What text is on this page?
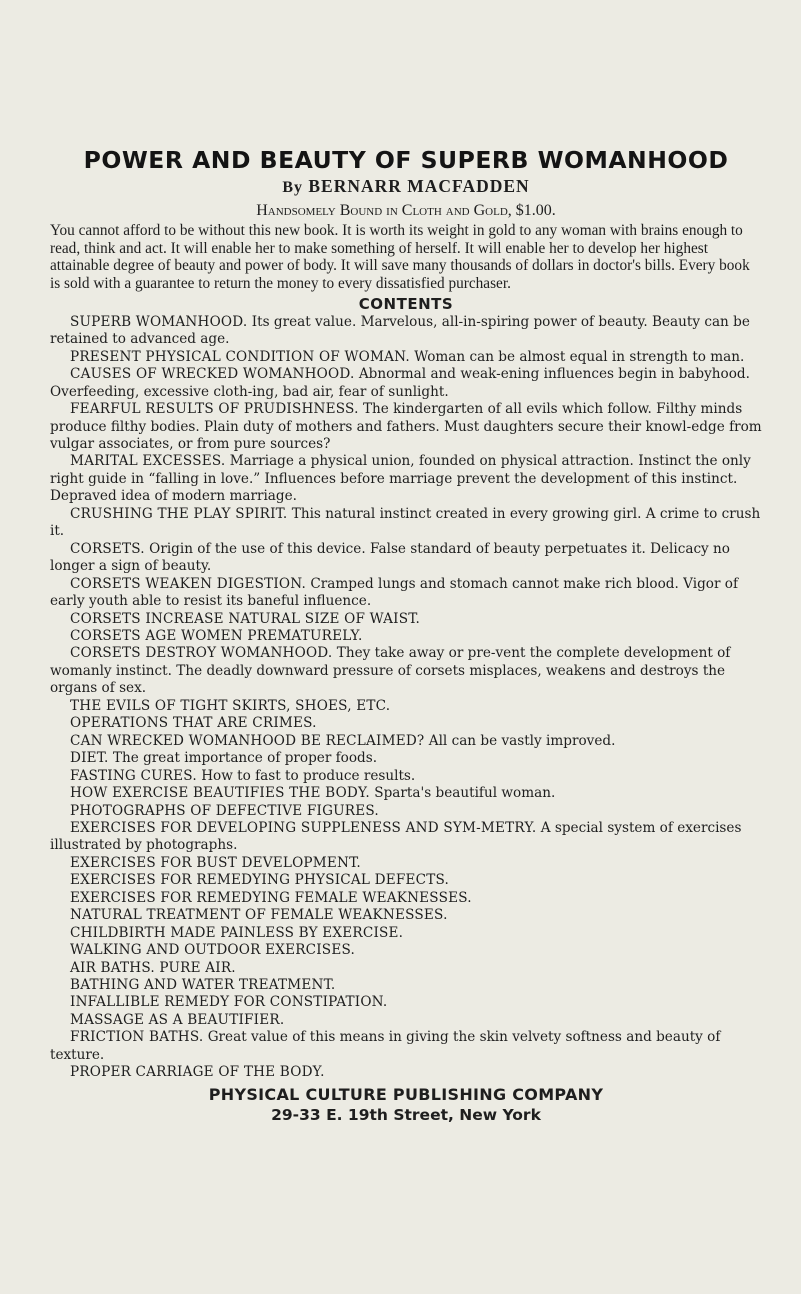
POWER AND BEAUTY OF SUPERB WOMANHOOD
By BERNARR MACFADDEN
Handsomely Bound in Cloth and Gold, $1.00.
You cannot afford to be without this new book. It is worth its weight in gold to any woman with brains enough to read, think and act. It will enable her to make something of herself. It will enable her to develop her highest attainable degree of beauty and power of body. It will save many thousands of dollars in doctor's bills. Every book is sold with a guarantee to return the money to every dissatisfied purchaser.
CONTENTS

SUPERB WOMANHOOD. Its great value. Marvelous, all-in-spiring power of beauty. Beauty can be retained to advanced age.

PRESENT PHYSICAL CONDITION OF WOMAN. Woman can be almost equal in strength to man.

CAUSES OF WRECKED WOMANHOOD. Abnormal and weak-ening influences begin in babyhood. Overfeeding, excessive cloth-ing, bad air, fear of sunlight.

FEARFUL RESULTS OF PRUDISHNESS. The kindergarten of all evils which follow. Filthy minds produce filthy bodies. Plain duty of mothers and fathers. Must daughters secure their knowl-edge from vulgar associates, or from pure sources?

MARITAL EXCESSES. Marriage a physical union, founded on physical attraction. Instinct the only right guide in “falling in love.” Influences before marriage prevent the development of this instinct. Depraved idea of modern marriage.

CRUSHING THE PLAY SPIRIT. This natural instinct created in every growing girl. A crime to crush it.

CORSETS. Origin of the use of this device. False standard of beauty perpetuates it. Delicacy no longer a sign of beauty.

CORSETS WEAKEN DIGESTION. Cramped lungs and stomach cannot make rich blood. Vigor of early youth able to resist its baneful influence.

CORSETS INCREASE NATURAL SIZE OF WAIST.

CORSETS AGE WOMEN PREMATURELY.

CORSETS DESTROY WOMANHOOD. They take away or pre-vent the complete development of womanly instinct. The deadly downward pressure of corsets misplaces, weakens and destroys the organs of sex.

THE EVILS OF TIGHT SKIRTS, SHOES, ETC.

OPERATIONS THAT ARE CRIMES.

CAN WRECKED WOMANHOOD BE RECLAIMED? All can be vastly improved.

DIET. The great importance of proper foods.

FASTING CURES. How to fast to produce results.

HOW EXERCISE BEAUTIFIES THE BODY. Sparta's beautiful woman.

PHOTOGRAPHS OF DEFECTIVE FIGURES.

EXERCISES FOR DEVELOPING SUPPLENESS AND SYM-METRY. A special system of exercises illustrated by photographs.

EXERCISES FOR BUST DEVELOPMENT.

EXERCISES FOR REMEDYING PHYSICAL DEFECTS.

EXERCISES FOR REMEDYING FEMALE WEAKNESSES.

NATURAL TREATMENT OF FEMALE WEAKNESSES.

CHILDBIRTH MADE PAINLESS BY EXERCISE.

WALKING AND OUTDOOR EXERCISES.

AIR BATHS. PURE AIR.

BATHING AND WATER TREATMENT.

INFALLIBLE REMEDY FOR CONSTIPATION.

MASSAGE AS A BEAUTIFIER.

FRICTION BATHS. Great value of this means in giving the skin velvety softness and beauty of texture.

PROPER CARRIAGE OF THE BODY.

PHYSICAL CULTURE PUBLISHING COMPANY
29-33 E. 19th Street, New York
